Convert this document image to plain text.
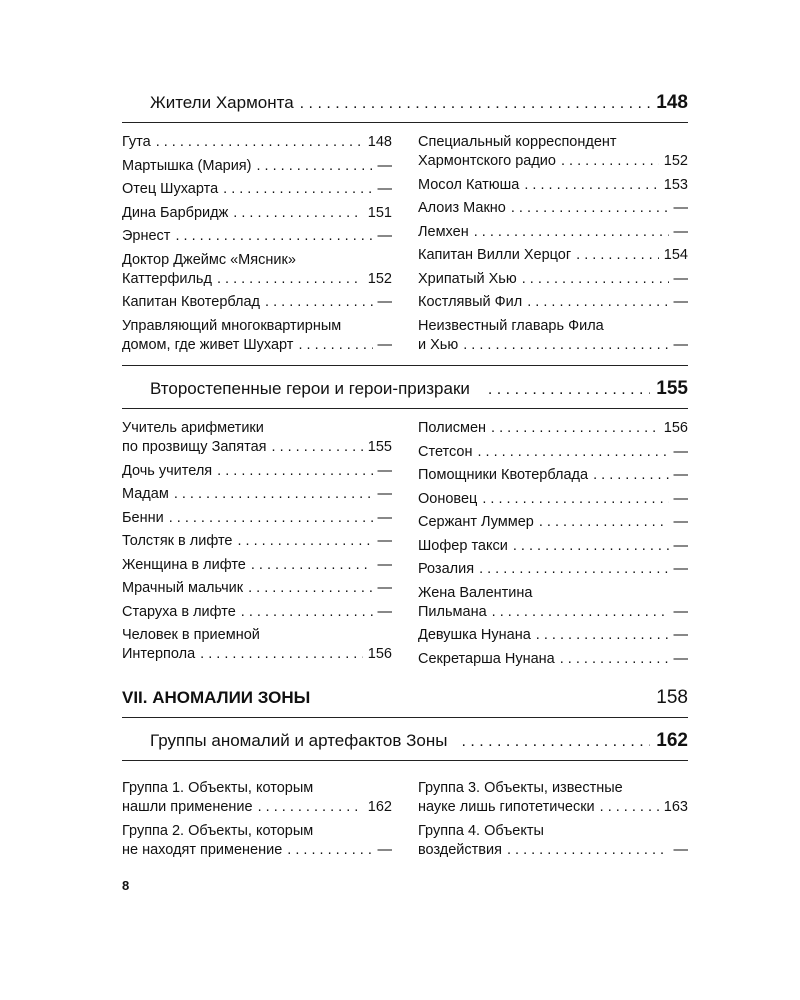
Жители Хармонта . . .	148
Гута . . .	148
Мартышка (Мария) . . .	—
Отец Шухарта . . .	—
Дина Барбридж . . .	151
Эрнест . . .	—
Доктор Джеймс «Мясник»
Каттерфильд . . .	152
Капитан Квотерблад . . .	—
Управляющий многоквартирным
домом, где живет Шухарт . . .	—
Специальный корреспондент
Хармонтского радио . . .	152
Мосол Катюша . . .	153
Алоиз Макно . . .	—
Лемхен . . .	—
Капитан Вилли Херцог . . .	154
Хрипатый Хью . . .	—
Костлявый Фил . . .	—
Неизвестный главарь Фила
и Хью . . .	—
Второстепенные герои и герои-призраки . . .	155
Учитель арифметики
по прозвищу Запятая . . .	155
Дочь учителя . . .	—
Мадам . . .	—
Бенни . . .	—
Толстяк в лифте . . .	—
Женщина в лифте . . .	—
Мрачный мальчик . . .	—
Старуха в лифте . . .	—
Человек в приемной
Интерпола . . .	156
Полисмен . . .	156
Стетсон . . .	—
Помощники Квотерблада . . .	—
Ооновец . . .	—
Сержант Луммер . . .	—
Шофер такси . . .	—
Розалия . . .	—
Жена Валентина
Пильмана . . .	—
Девушка Нунана . . .	—
Секретарша Нунана . . .	—
VII. АНОМАЛИИ ЗОНЫ	158
Группы аномалий и артефактов Зоны . . .	162
Группа 1. Объекты, которым
нашли применение . . .	162
Группа 2. Объекты, которым
не находят применение . . .	—
Группа 3. Объекты, известные
науке лишь гипотетически . . .	163
Группа 4. Объекты
воздействия . . .	—
8
